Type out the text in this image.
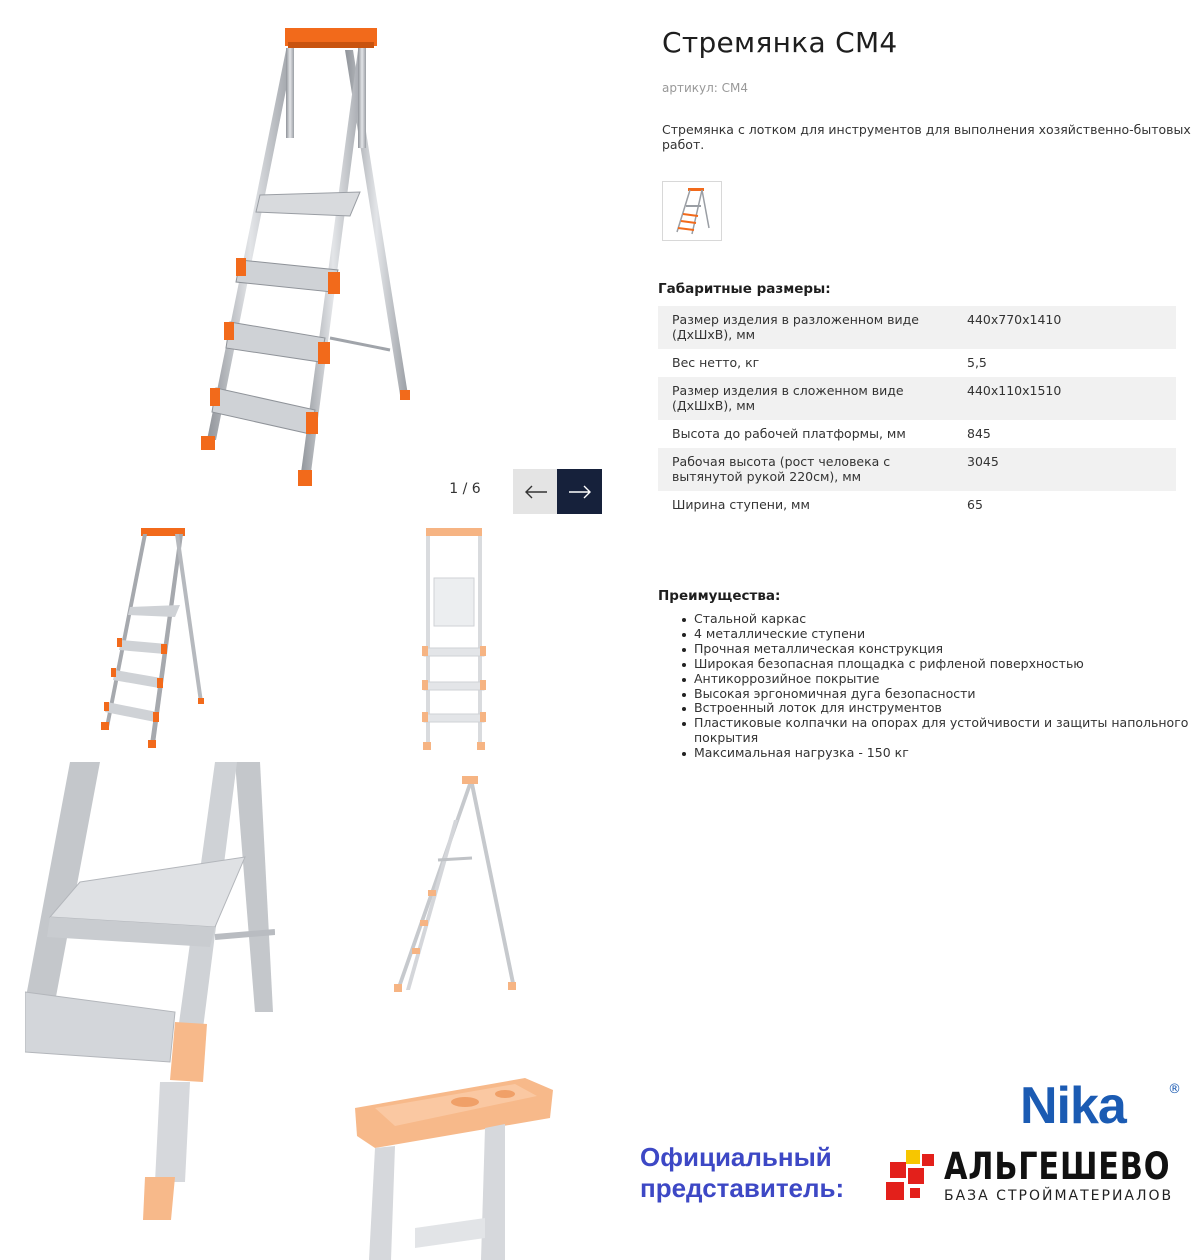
1 / 6
Стремянка СМ4
артикул: СМ4

Стремянка с лотком для инструментов для выполнения хозяйственно-бытовых работ.

Габаритные размеры:
Размер изделия в разложенном виде (ДхШхВ), мм	440x770x1410
Вес нетто, кг	5,5
Размер изделия в сложенном виде (ДхШхВ), мм	440x110x1510
Высота до рабочей платформы, мм	845
Рабочая высота (рост человека с вытянутой рукой 220см), мм	3045
Ширина ступени, мм	65
Преимущества:
Стальной каркас
4 металлические ступени
Прочная металлическая конструкция
Широкая безопасная площадка с рифленой поверхностью
Антикоррозийное покрытие
Высокая эргономичная дуга безопасности
Встроенный лоток для инструментов
Пластиковые колпачки на опорах для устойчивости и защиты напольного покрытия
Максимальная нагрузка - 150 кг
Nika	®
Официальный
представитель:	АЛЬГЕШЕВО
БАЗА СТРОЙМАТЕРИАЛОВ
